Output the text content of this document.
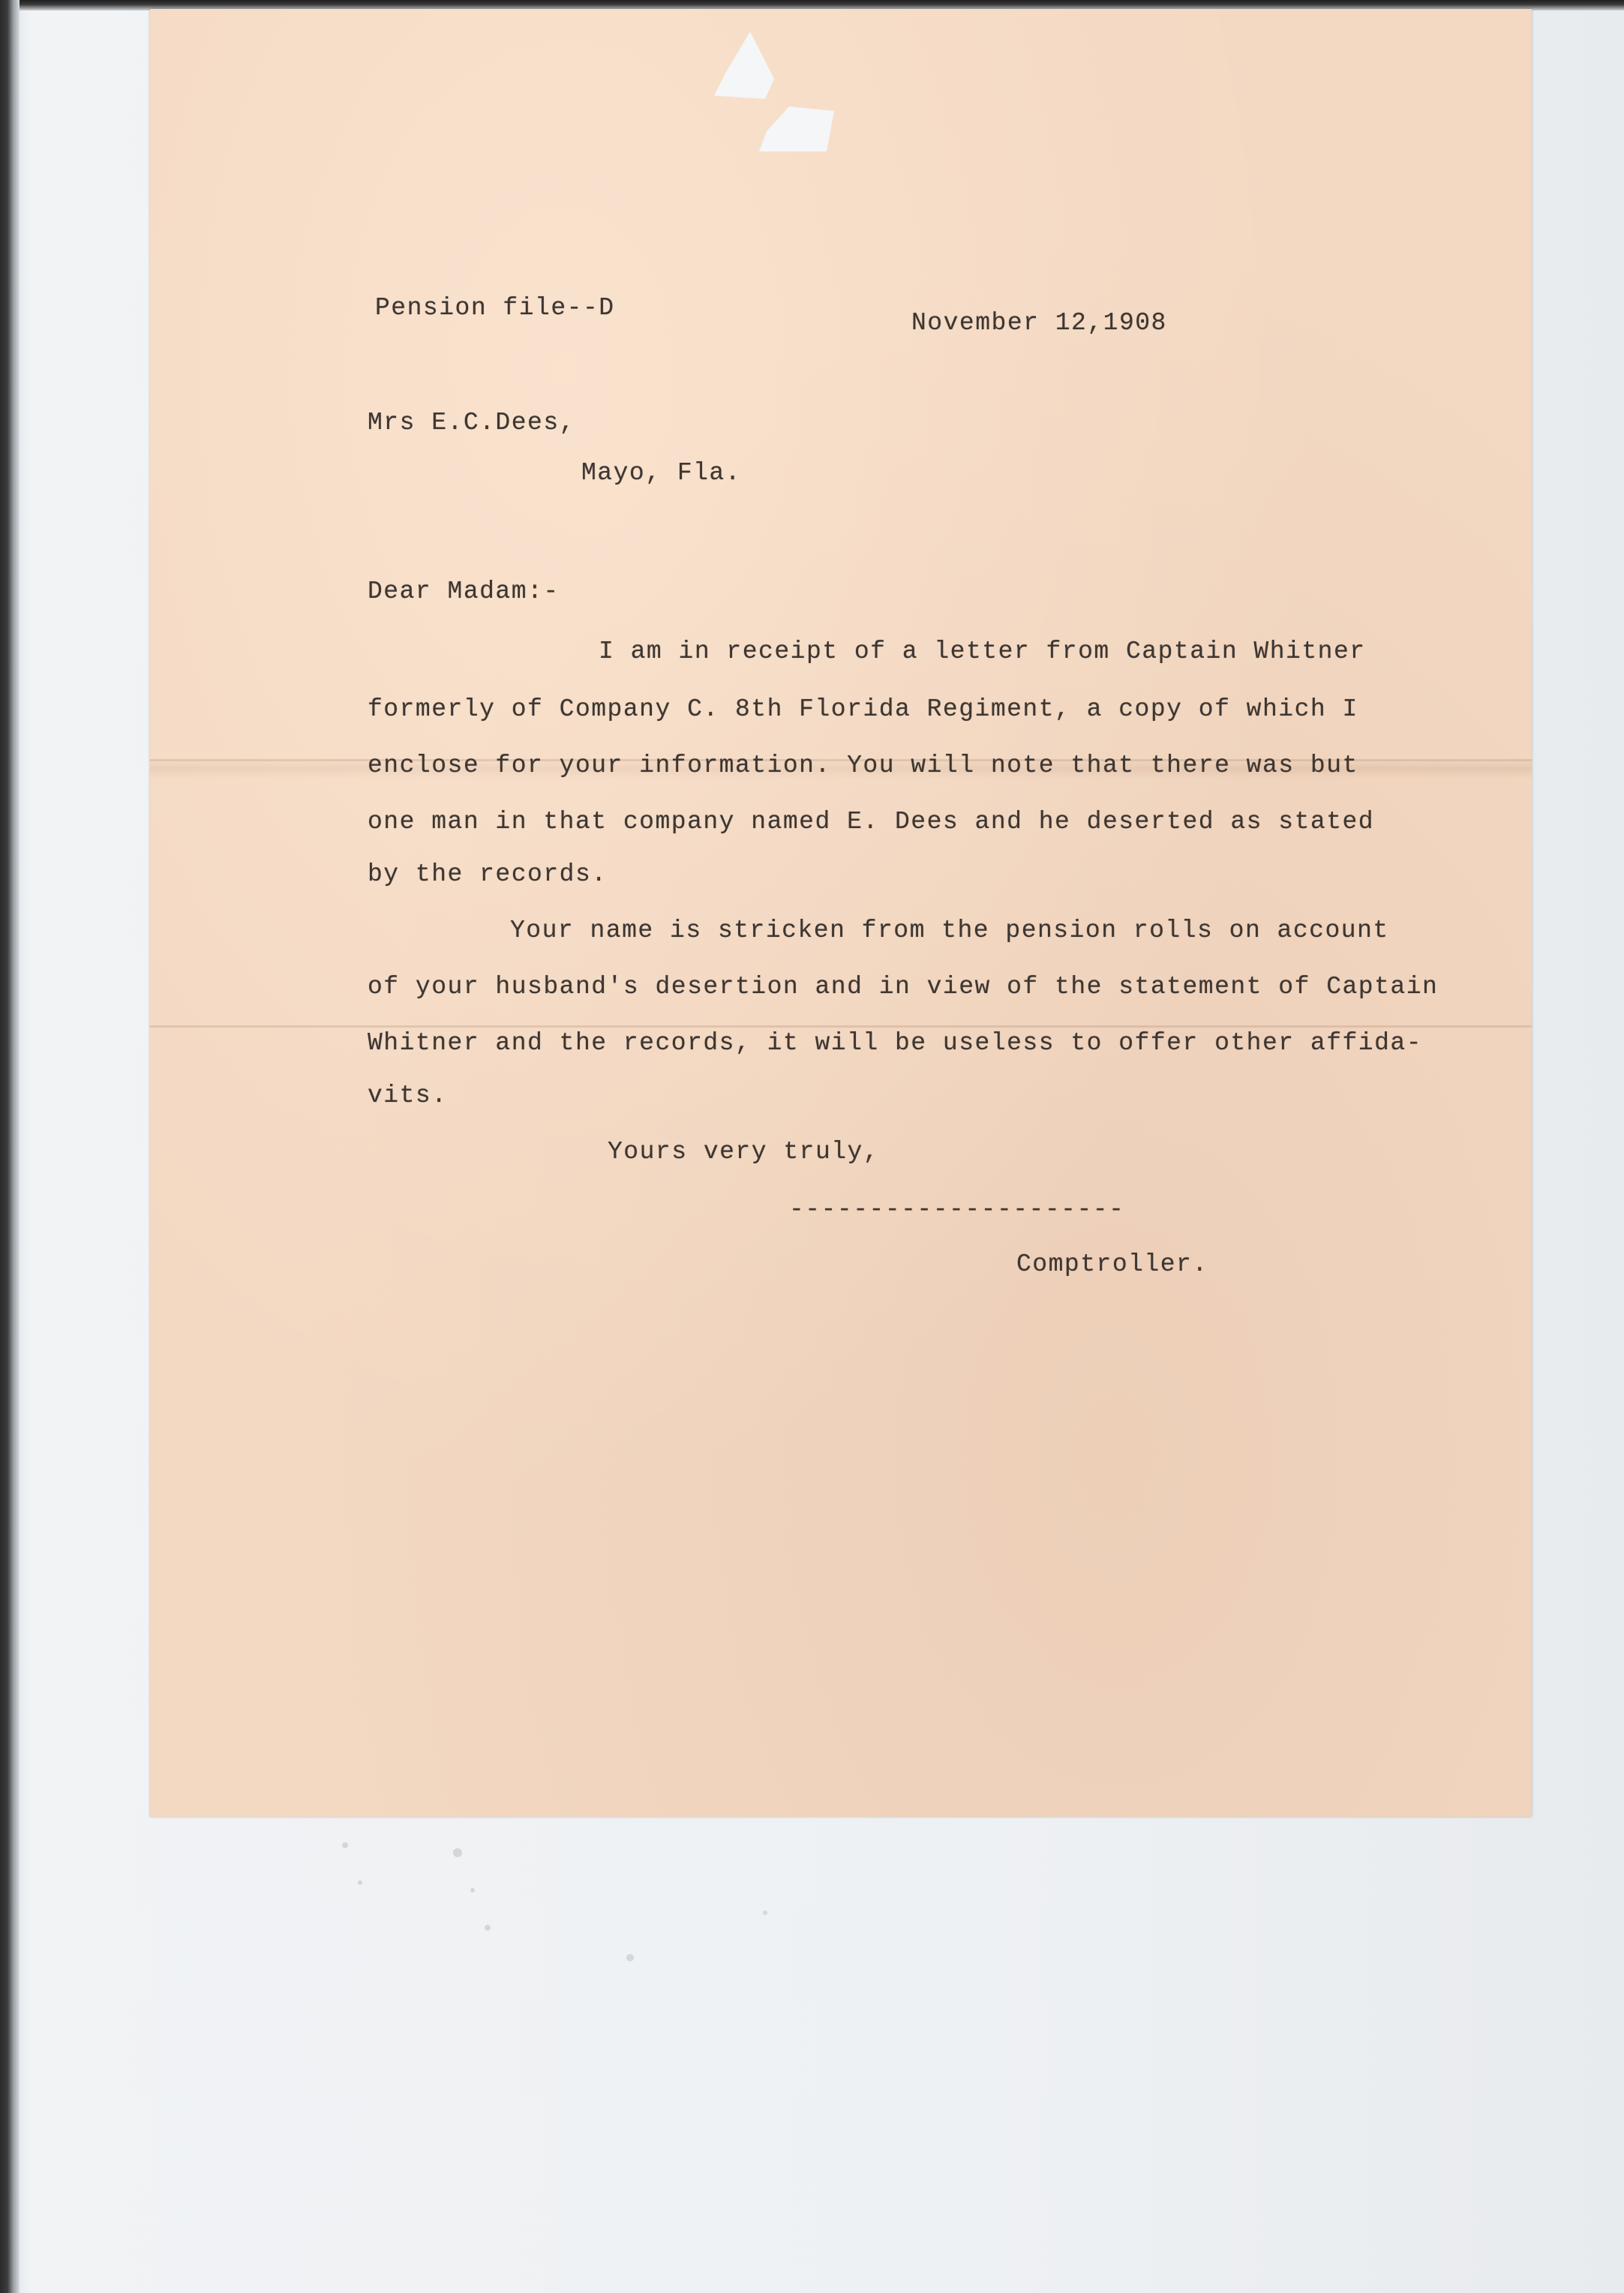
Pension file--D
November 12,1908
Mrs E.C.Dees,
Mayo, Fla.
Dear Madam:-
I am in receipt of a letter from Captain Whitner
formerly of Company C. 8th Florida Regiment, a copy of which I
enclose for your information. You will note that there was but
one man in that company named E. Dees and he deserted as stated
by the records.
Your name is stricken from the pension rolls on account
of your husband's desertion and in view of the statement of Captain
Whitner and the records, it will be useless to offer other affida-
vits.
Yours very truly,
---------------------
Comptroller.
